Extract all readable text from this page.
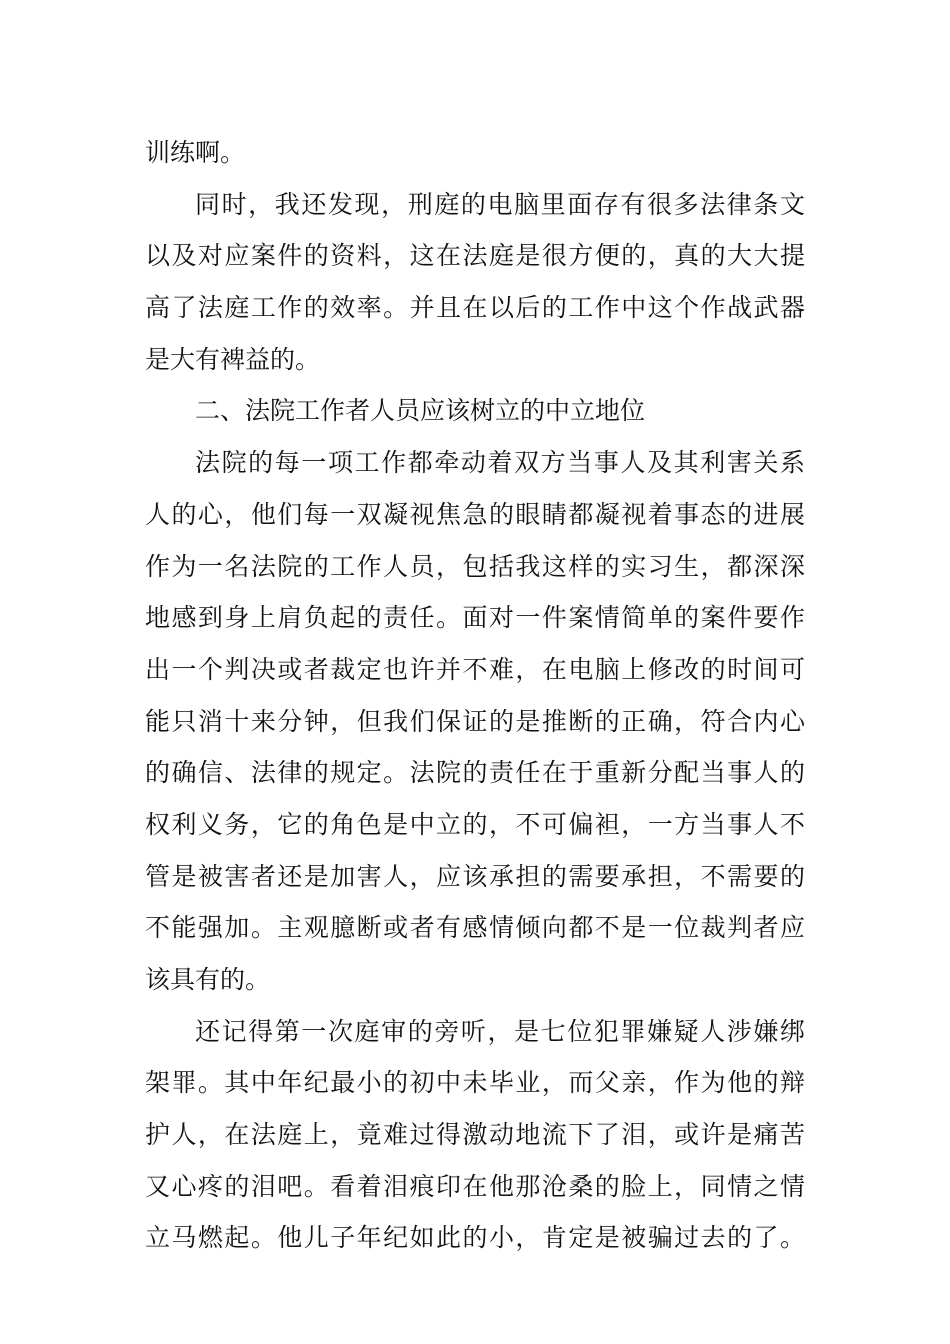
训练啊。
同时，我还发现，刑庭的电脑里面存有很多法律条文
以及对应案件的资料，这在法庭是很方便的，真的大大提
高了法庭工作的效率。并且在以后的工作中这个作战武器
是大有裨益的。
二、法院工作者人员应该树立的中立地位
法院的每一项工作都牵动着双方当事人及其利害关系
人的心，他们每一双凝视焦急的眼睛都凝视着事态的进展
作为一名法院的工作人员，包括我这样的实习生，都深深
地感到身上肩负起的责任。面对一件案情简单的案件要作
出一个判决或者裁定也许并不难，在电脑上修改的时间可
能只消十来分钟，但我们保证的是推断的正确，符合内心
的确信、法律的规定。法院的责任在于重新分配当事人的
权利义务，它的角色是中立的，不可偏袒，一方当事人不
管是被害者还是加害人，应该承担的需要承担，不需要的
不能强加。主观臆断或者有感情倾向都不是一位裁判者应
该具有的。
还记得第一次庭审的旁听，是七位犯罪嫌疑人涉嫌绑
架罪。其中年纪最小的初中未毕业，而父亲，作为他的辩
护人，在法庭上，竟难过得激动地流下了泪，或许是痛苦
又心疼的泪吧。看着泪痕印在他那沧桑的脸上，同情之情
立马燃起。他儿子年纪如此的小，肯定是被骗过去的了。
